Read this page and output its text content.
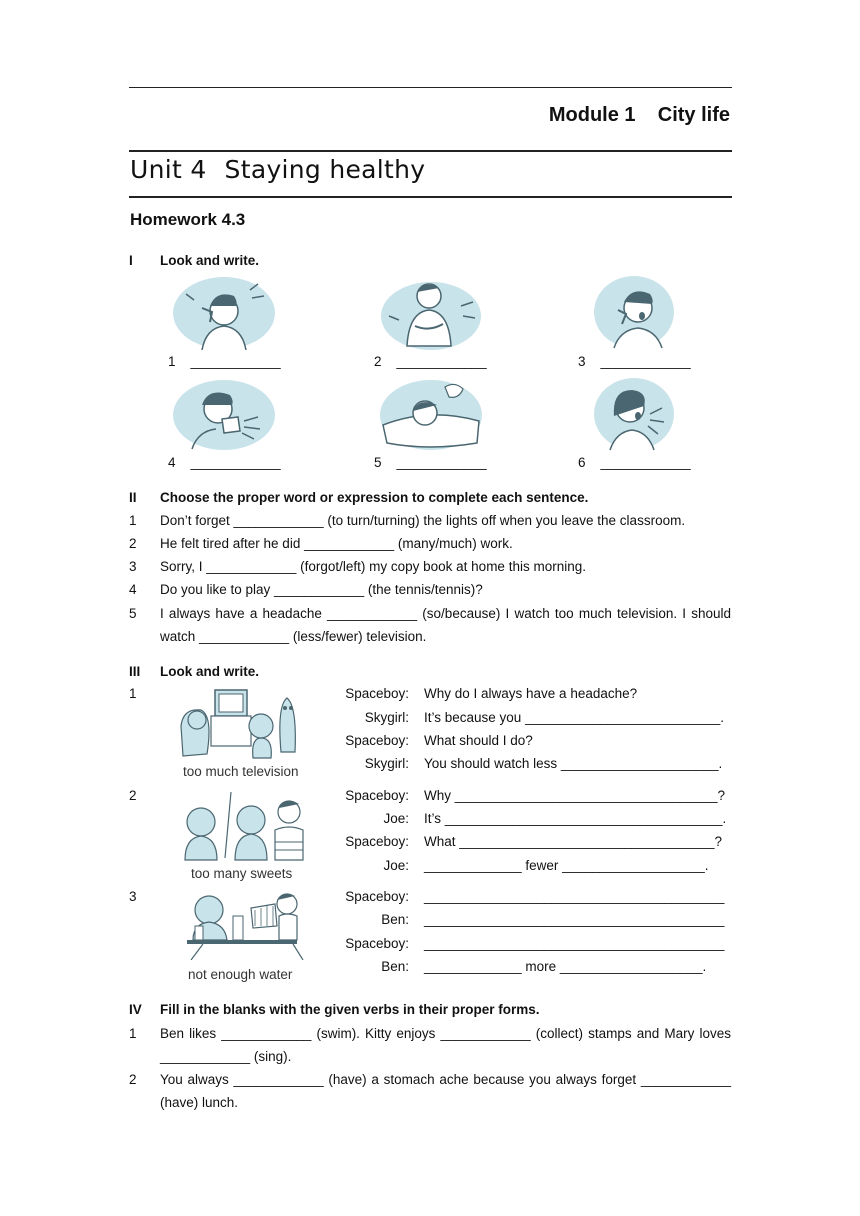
Module 1    City life
Unit 4 Staying healthy
Homework 4.3
I Look and write.
1    ____________	2    ____________	3    ____________
4    ____________	5    ____________	6    ____________
II Choose the proper word or expression to complete each sentence.
1 Don’t forget ____________ (to turn/turning) the lights off when you leave the classroom.
2 He felt tired after he did ____________ (many/much) work.
3 Sorry, I ____________ (forgot/left) my copy book at home this morning.
4 Do you like to play ____________ (the tennis/tennis)?
5 I always have a headache ____________ (so/because) I watch too much television. I should watch ____________ (less/fewer) television.
III Look and write.
1
too much television
Spaceboy: Why do I always have a headache?
Skygirl: It’s because you __________________________.
Spaceboy: What should I do?
Skygirl: You should watch less _____________________.
2
too many sweets
Spaceboy: Why ___________________________________?
Joe: It’s _____________________________________.
Spaceboy: What __________________________________?
Joe: _____________ fewer ___________________.
3
not enough water
Spaceboy: ________________________________________
Ben: ________________________________________
Spaceboy: ________________________________________
Ben: _____________ more ___________________.
IV Fill in the blanks with the given verbs in their proper forms.
1 Ben likes ____________ (swim). Kitty enjoys ____________ (collect) stamps and Mary loves ____________ (sing).
2 You always ____________ (have) a stomach ache because you always forget ____________ (have) lunch.
